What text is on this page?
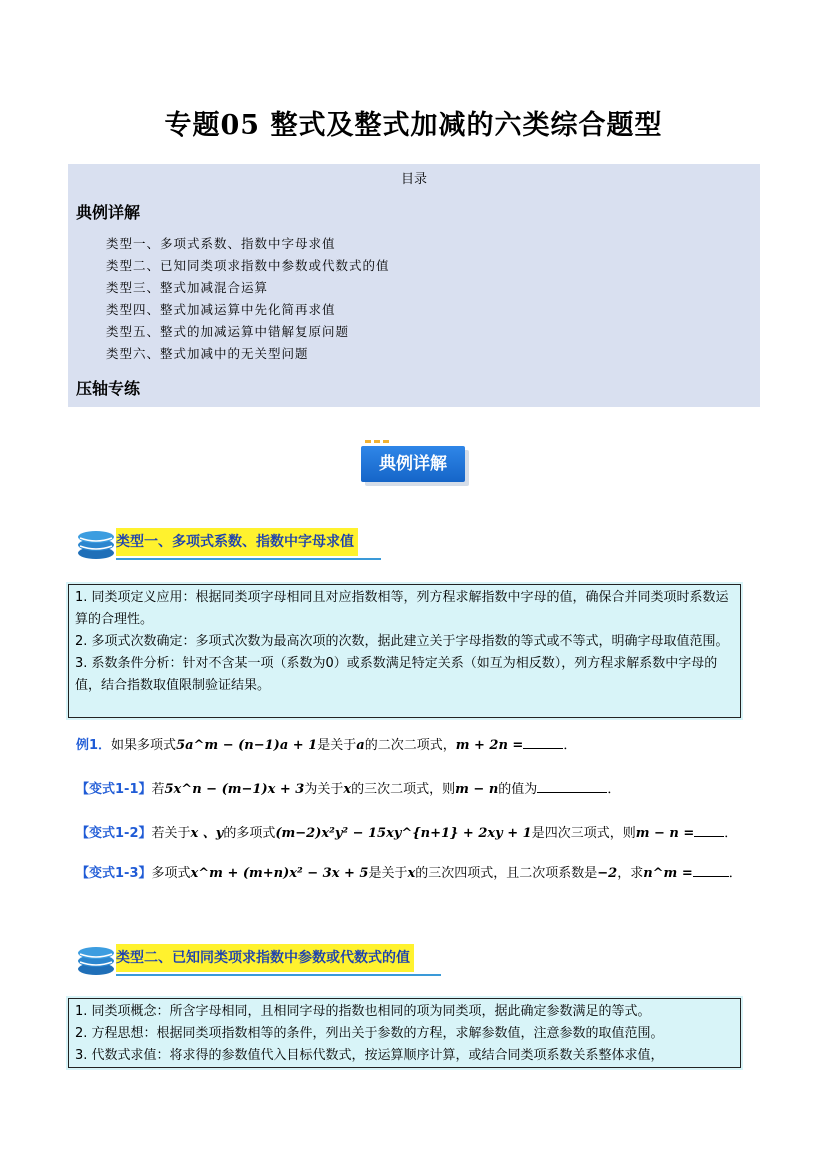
专题05 整式及整式加减的六类综合题型
目录
典例详解
类型一、多项式系数、指数中字母求值
类型二、已知同类项求指数中参数或代数式的值
类型三、整式加减混合运算
类型四、整式加减运算中先化简再求值
类型五、整式的加减运算中错解复原问题
类型六、整式加减中的无关型问题
压轴专练
典例详解
类型一、多项式系数、指数中字母求值

1. 同类项定义应用：根据同类项字母相同且对应指数相等，列方程求解指数中字母的值，确保合并同类项时系数运算的合理性。

2. 多项式次数确定：多项式次数为最高次项的次数，据此建立关于字母指数的等式或不等式，明确字母取值范围。

3. 系数条件分析：针对不含某一项（系数为0）或系数满足特定关系（如互为相反数），列方程求解系数中字母的值，结合指数取值限制验证结果。

例1．如果多项式5a^m − (n−1)a + 1是关于a的二次二项式，m + 2n =	．
【变式1-1】若5x^n − (m−1)x + 3为关于x的三次二项式，则m − n的值为	．
【变式1-2】若关于x 、y的多项式(m−2)x²y² − 15xy^{n+1} + 2xy + 1是四次三项式，则m − n = ．
【变式1-3】多项式x^m + (m+n)x² − 3x + 5是关于x的三次四项式，且二次项系数是−2，求n^m =	．
类型二、已知同类项求指数中参数或代数式的值

1. 同类项概念：所含字母相同，且相同字母的指数也相同的项为同类项，据此确定参数满足的等式。

2. 方程思想：根据同类项指数相等的条件，列出关于参数的方程，求解参数值，注意参数的取值范围。

3. 代数式求值：将求得的参数值代入目标代数式，按运算顺序计算，或结合同类项系数关系整体求值，
